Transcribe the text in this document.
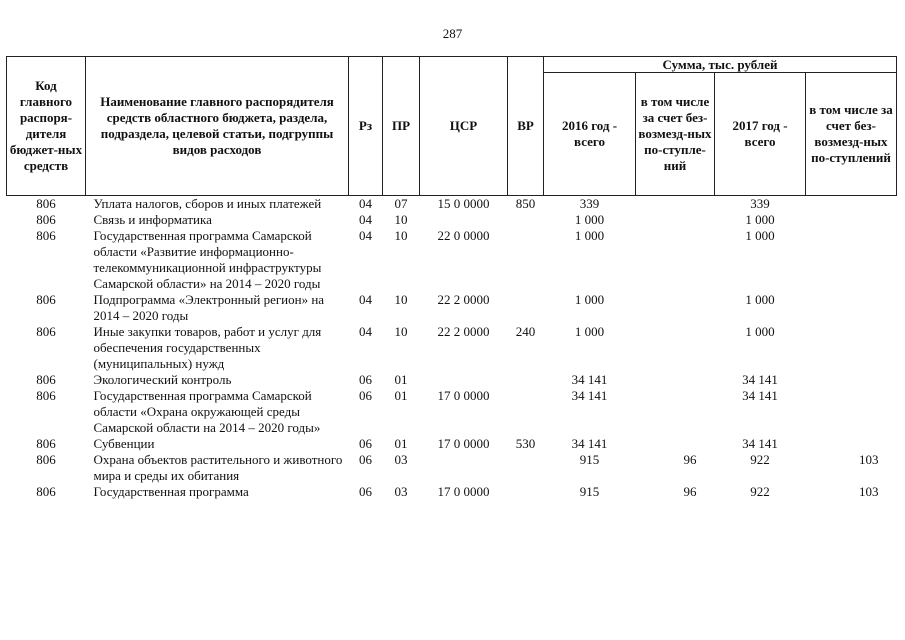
287
Код главного распоря-дителя бюджет-ных средств	Наименование главного распорядителя средств областного бюджета, раздела, подраздела, целевой статьи, подгруппы видов расходов	Рз	ПР	ЦСР	ВР	Сумма, тыс. рублей			
						2016 год - всего	в том числе за счет без-возмезд-ных по-ступле-ний	2017 год - всего	в том числе за счет без-возмезд-ных по-ступлений
806	Уплата налогов, сборов и иных платежей	04	07	15 0 0000	850	339		339	
806	Связь и информатика	04	10			1 000		1 000	
806	Государственная программа Самарской области «Развитие информационно-телекоммуникационной инфраструктуры Самарской области» на 2014 – 2020 годы	04	10	22 0 0000		1 000		1 000	
806	Подпрограмма «Электронный регион» на 2014 – 2020 годы	04	10	22 2 0000		1 000		1 000	
806	Иные закупки товаров, работ и услуг для обеспечения государственных (муниципальных) нужд	04	10	22 2 0000	240	1 000		1 000	
806	Экологический контроль	06	01			34 141		34 141	
806	Государственная программа Самарской области «Охрана окружающей среды Самарской области на 2014 – 2020 годы»	06	01	17 0 0000		34 141		34 141	
806	Субвенции	06	01	17 0 0000	530	34 141		34 141	
806	Охрана объектов растительного и животного мира и среды их обитания	06	03			915	96	922	103
806	Государственная программа	06	03	17 0 0000		915	96	922	103
